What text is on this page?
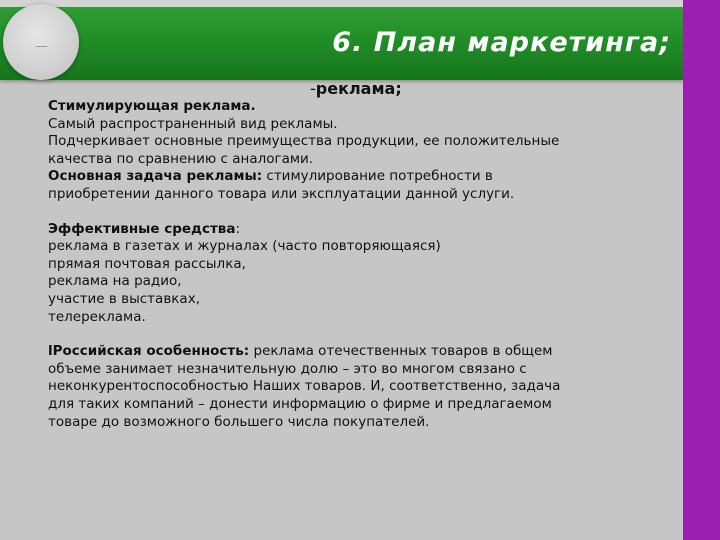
6. План маркетинга;
-реклама;

Стимулирующая реклама.

Самый распространенный вид рекламы.

Подчеркивает основные преимущества продукции, ее положительные

качества по сравнению с аналогами.

Основная задача рекламы: стимулирование потребности в

приобретении данного товара или эксплуатации данной услуги.

Эффективные средства:

реклама в газетах и журналах (часто повторяющаяся)

прямая почтовая рассылка,

реклама на радио,

участие в выставках,

телереклама.

lРоссийская особенность: реклама отечественных товаров в общем

объеме занимает незначительную долю – это во многом связано с

неконкурентоспособностью Наших товаров. И, соответственно, задача

для таких компаний – донести информацию о фирме и предлагаемом

товаре до возможного большего числа покупателей.
